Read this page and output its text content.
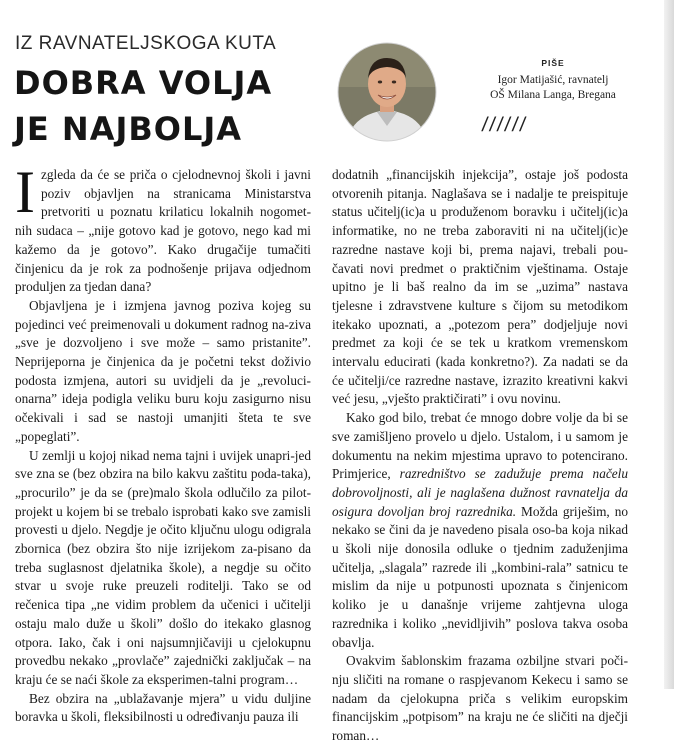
IZ RAVNATELJSKOGA KUTA
DOBRA VOLJA
JE NAJBOLJA
PIŠE
Igor Matijašić, ravnatelj
OŠ Milana Langa, Bregana
//////

Izgleda da će se priča o cjelodnevnoj školi i javni poziv objavljen na stranicama Ministarstva pretvoriti u poznatu krilaticu lokalnih nogomet-nih sudaca – „nije gotovo kad je gotovo, nego kad mi kažemo da je gotovo”. Kako drugačije tumačiti činjenicu da je rok za podnošenje prijava odjednom produljen za tjedan dana?

Objavljena je i izmjena javnog poziva kojeg su pojedinci već preimenovali u dokument radnog na-ziva „sve je dozvoljeno i sve može – samo pristanite”. Neprijeporna je činjenica da je početni tekst doživio podosta izmjena, autori su uvidjeli da je „revoluci-onarna” ideja podigla veliku buru koju zasigurno nisu očekivali i sad se nastoji umanjiti šteta te sve „popeglati”.

U zemlji u kojoj nikad nema tajni i uvijek unapri-jed sve zna se (bez obzira na bilo kakvu zaštitu poda-taka), „procurilo” je da se (pre)malo škola odlučilo za pilot-projekt u kojem bi se trebalo isprobati kako sve zamisli provesti u djelo. Negdje je očito ključnu ulogu odigrala zbornica (bez obzira što nije izrijekom za-pisano da treba suglasnost djelatnika škole), a negdje su očito stvar u svoje ruke preuzeli roditelji. Tako se od rečenica tipa „ne vidim problem da učenici i učitelji ostaju malo duže u školi” došlo do itekako glasnog otpora. Iako, čak i oni najsumnjičaviji u cjelokupnu provedbu nekako „provlače” zajednički zaključak – na kraju će se naći škole za eksperimen-talni program…

Bez obzira na „ublažavanje mjera” u vidu duljine boravka u školi, fleksibilnosti u određivanju pauza ili

dodatnih „financijskih injekcija”, ostaje još podosta otvorenih pitanja. Naglašava se i nadalje te preispituje status učitelj(ic)a u produženom boravku i učitelj(ic)a informatike, no ne treba zaboraviti ni na učitelj(ic)e razredne nastave koji bi, prema najavi, trebali pou-čavati novi predmet o praktičnim vještinama. Ostaje upitno je li baš realno da im se „uzima” nastava tjelesne i zdravstvene kulture s čijom su metodikom itekako upoznati, a „potezom pera” dodjeljuje novi predmet za koji će se tek u kratkom vremenskom intervalu educirati (kada konkretno?). Za nadati se da će učitelji/ce razredne nastave, izrazito kreativni kakvi već jesu, „vješto praktičirati” i ovu novinu.

Kako god bilo, trebat će mnogo dobre volje da bi se sve zamišljeno provelo u djelo. Ustalom, i u samom je dokumentu na nekim mjestima upravo to potencirano. Primjerice, razredništvo se zadužuje prema načelu dobrovoljnosti, ali je naglašena dužnost ravnatelja da osigura dovoljan broj razrednika. Možda griješim, no nekako se čini da je navedeno pisala oso-ba koja nikad u školi nije donosila odluke o tjednim zaduženjima učitelja, „slagala” razrede ili „kombini-rala” satnicu te mislim da nije u potpunosti upoznata s činjenicom koliko je u današnje vrijeme zahtjevna uloga razrednika i koliko „nevidljivih” poslova takva osoba obavlja.

Ovakvim šablonskim frazama ozbiljne stvari poči-nju sličiti na romane o raspjevanom Kekecu i samo se nadam da cjelokupna priča s velikim europskim financijskim „potpisom” na kraju ne će sličiti na dječji roman…
